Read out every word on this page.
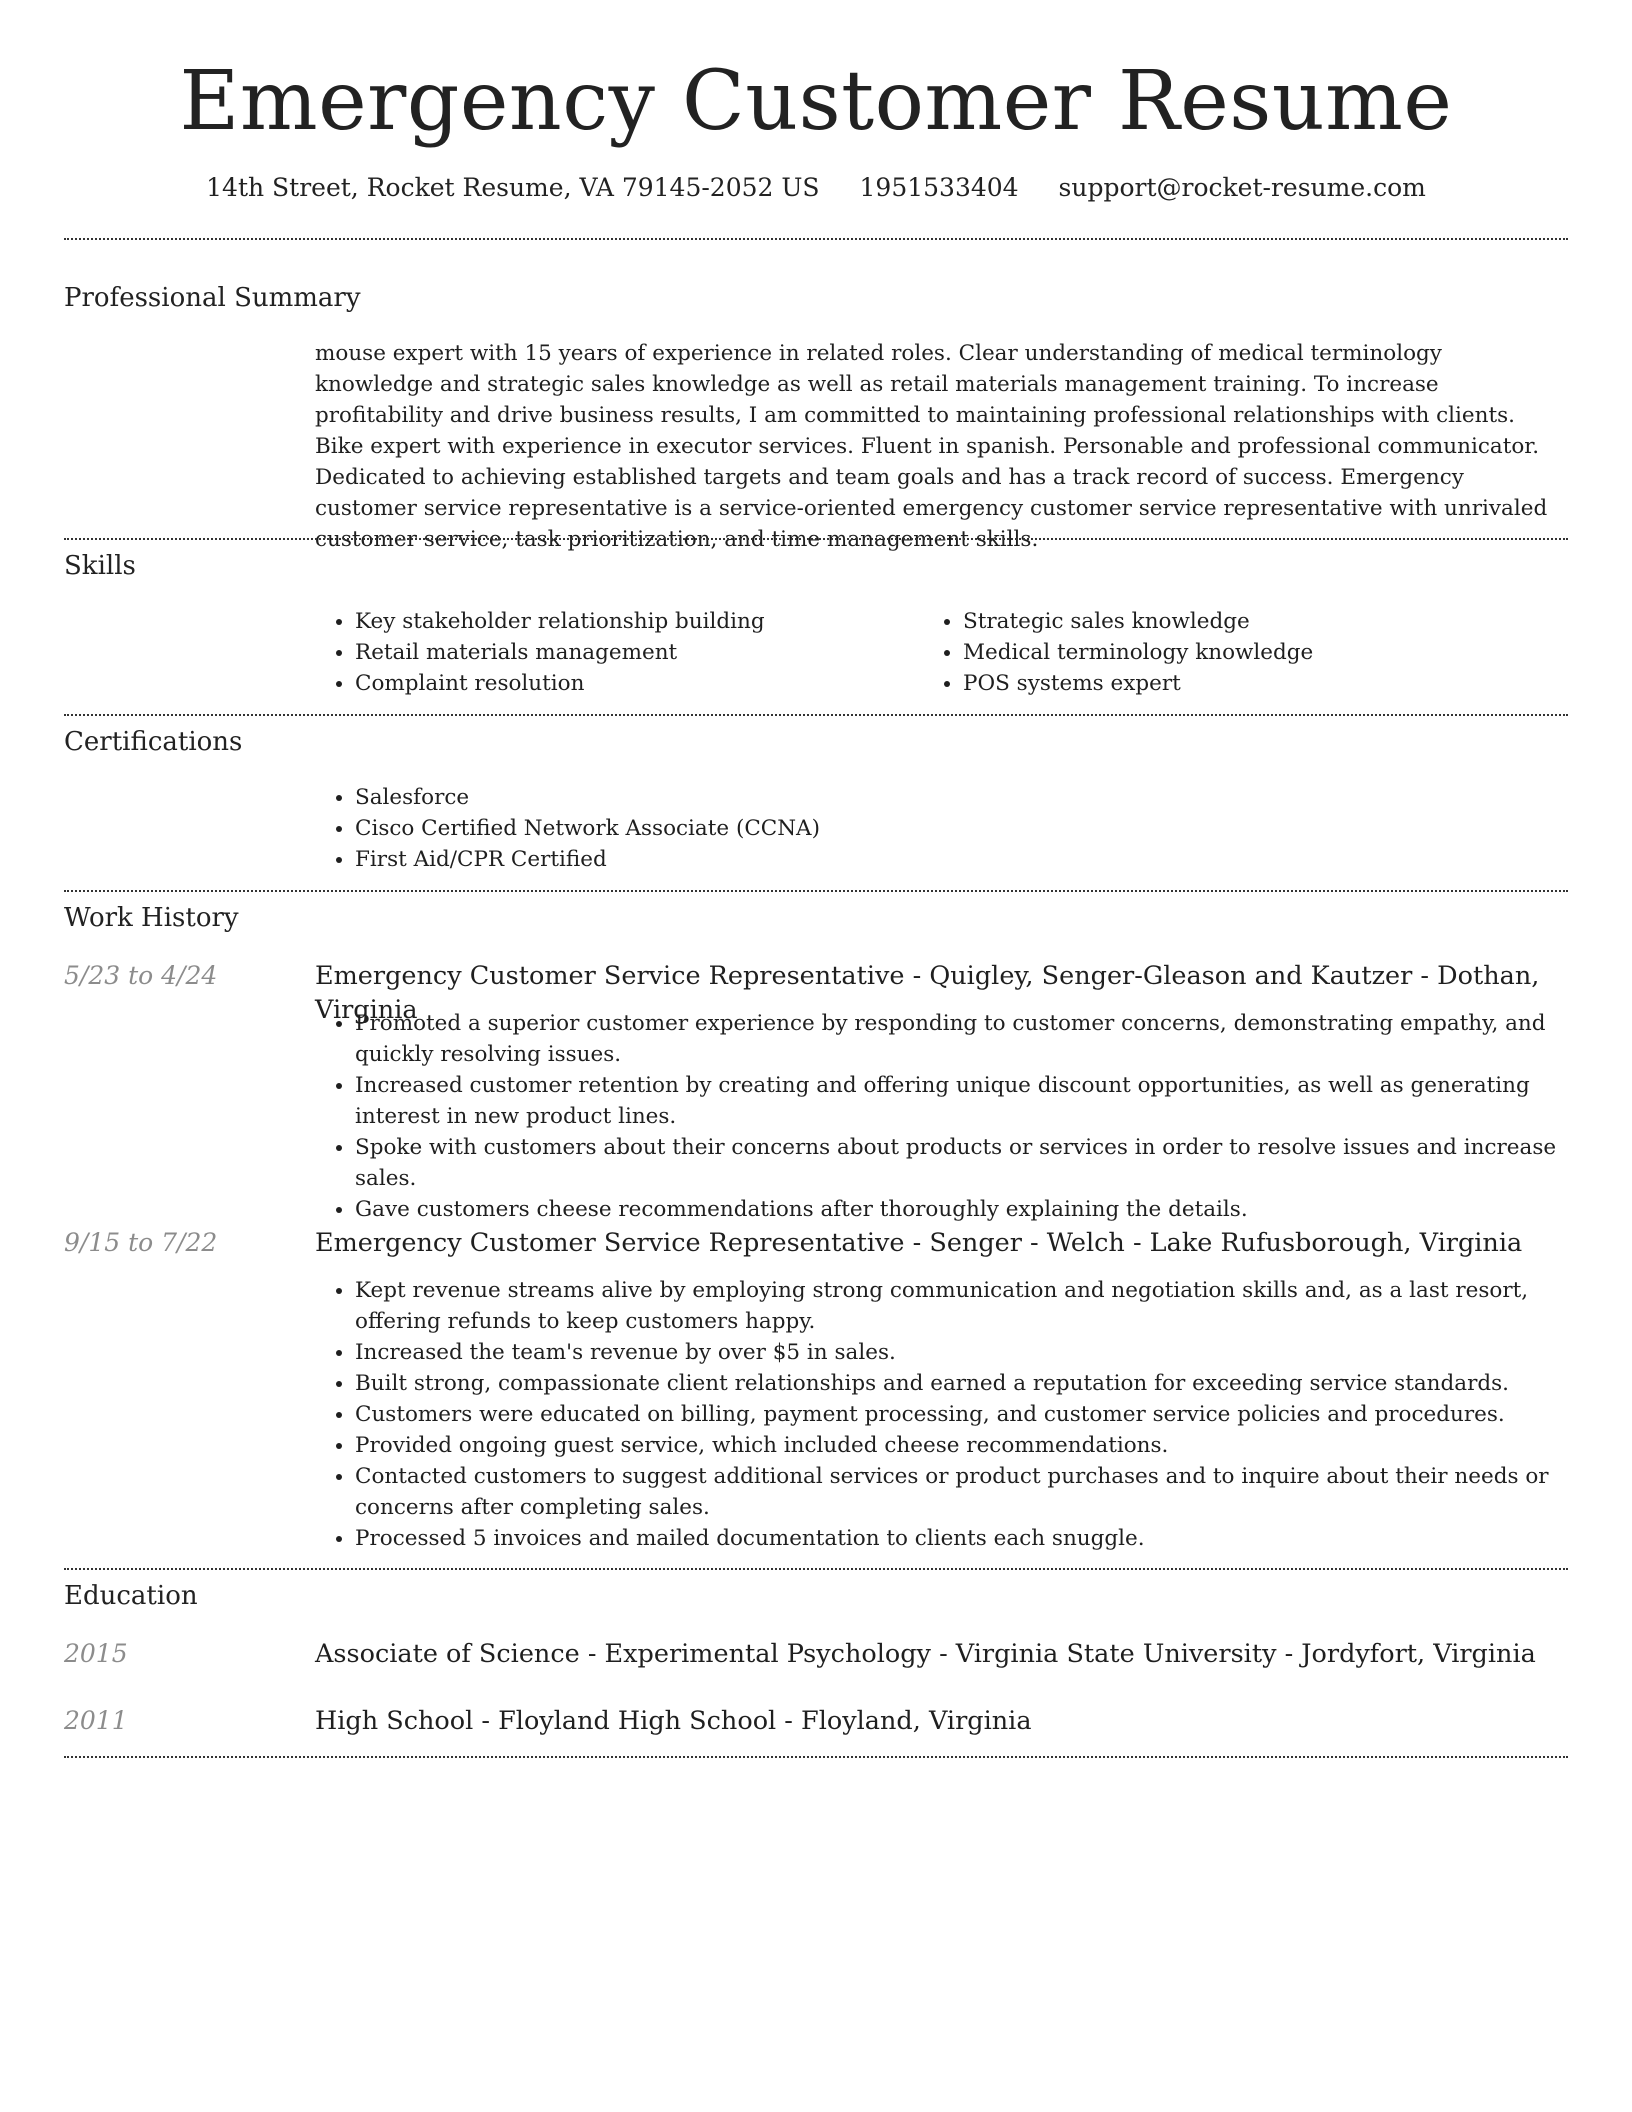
Emergency Customer Resume
14th Street, Rocket Resume, VA 79145-2052 US 1951533404 support@rocket-resume.com
Professional Summary
mouse expert with 15 years of experience in related roles. Clear understanding of medical terminology knowledge and strategic sales knowledge as well as retail materials management training. To increase profitability and drive business results, I am committed to maintaining professional relationships with clients. Bike expert with experience in executor services. Fluent in spanish. Personable and professional communicator. Dedicated to achieving established targets and team goals and has a track record of success. Emergency customer service representative is a service-oriented emergency customer service representative with unrivaled customer service, task prioritization, and time management skills.
Skills
• Key stakeholder relationship building
• Retail materials management
• Complaint resolution
• Strategic sales knowledge
• Medical terminology knowledge
• POS systems expert
Certifications
• Salesforce
• Cisco Certified Network Associate (CCNA)
• First Aid/CPR Certified
Work History
5/23 to 4/24	Emergency Customer Service Representative - Quigley, Senger-Gleason and Kautzer - Dothan, Virginia
• Promoted a superior customer experience by responding to customer concerns, demonstrating empathy, and quickly resolving issues.
• Increased customer retention by creating and offering unique discount opportunities, as well as generating interest in new product lines.
• Spoke with customers about their concerns about products or services in order to resolve issues and increase sales.
• Gave customers cheese recommendations after thoroughly explaining the details.
9/15 to 7/22	Emergency Customer Service Representative - Senger - Welch - Lake Rufusborough, Virginia
• Kept revenue streams alive by employing strong communication and negotiation skills and, as a last resort, offering refunds to keep customers happy.
• Increased the team's revenue by over $5 in sales.
• Built strong, compassionate client relationships and earned a reputation for exceeding service standards.
• Customers were educated on billing, payment processing, and customer service policies and procedures.
• Provided ongoing guest service, which included cheese recommendations.
• Contacted customers to suggest additional services or product purchases and to inquire about their needs or concerns after completing sales.
• Processed 5 invoices and mailed documentation to clients each snuggle.
Education
2015	Associate of Science - Experimental Psychology - Virginia State University - Jordyfort, Virginia
2011	High School - Floyland High School - Floyland, Virginia
